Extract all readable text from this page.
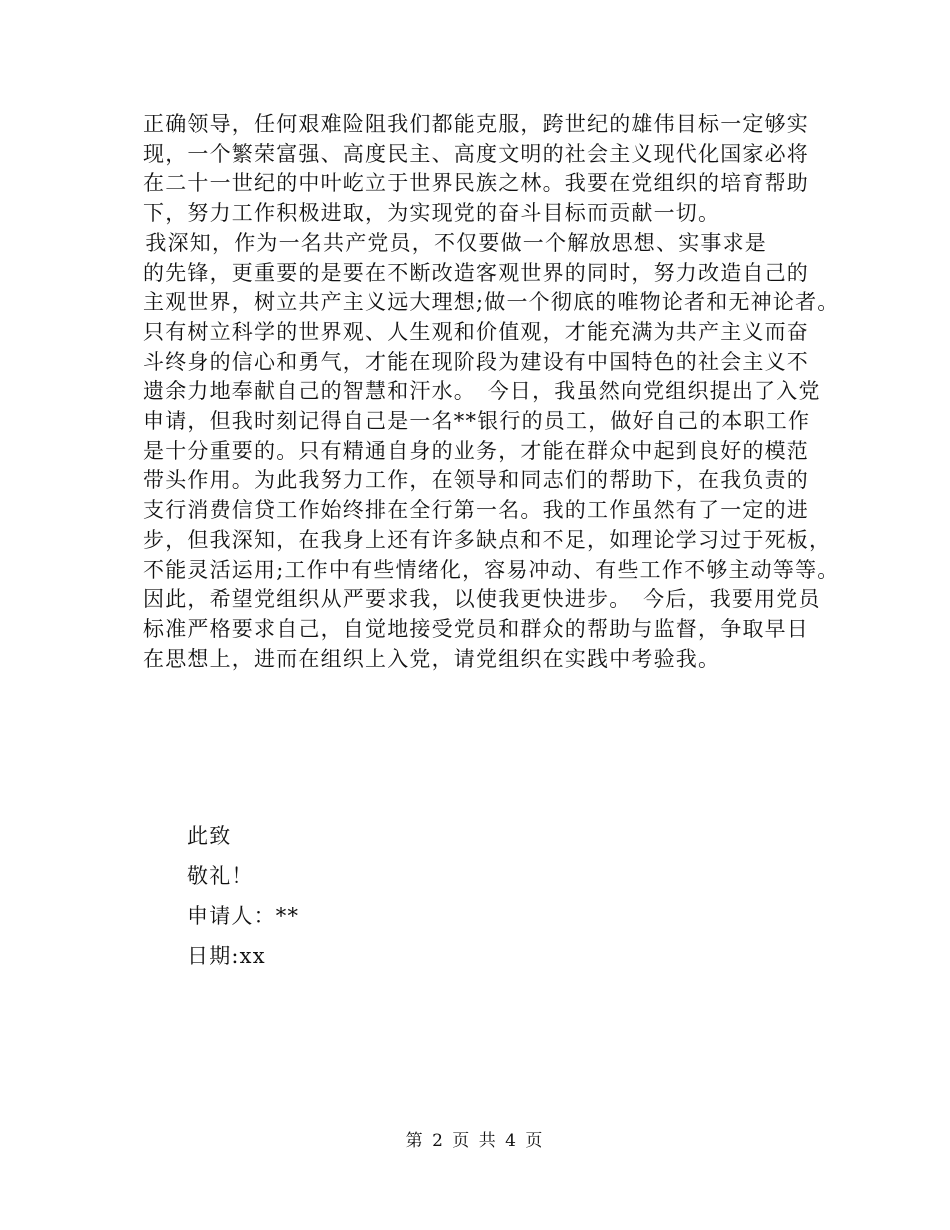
正确领导，任何艰难险阻我们都能克服，跨世纪的雄伟目标一定够实
现，一个繁荣富强、高度民主、高度文明的社会主义现代化国家必将
在二十一世纪的中叶屹立于世界民族之林。我要在党组织的培育帮助
下，努力工作积极进取，为实现党的奋斗目标而贡献一切。
　　我深知，作为一名共产党员，不仅要做一个解放思想、实事求是
的先锋，更重要的是要在不断改造客观世界的同时，努力改造自己的
主观世界，树立共产主义远大理想;做一个彻底的唯物论者和无神论者。
只有树立科学的世界观、人生观和价值观，才能充满为共产主义而奋
斗终身的信心和勇气，才能在现阶段为建设有中国特色的社会主义不
遗余力地奉献自己的智慧和汗水。　今日，我虽然向党组织提出了入党
申请，但我时刻记得自己是一名**银行的员工，做好自己的本职工作
是十分重要的。只有精通自身的业务，才能在群众中起到良好的模范
带头作用。为此我努力工作，在领导和同志们的帮助下，在我负责的
支行消费信贷工作始终排在全行第一名。我的工作虽然有了一定的进
步，但我深知，在我身上还有许多缺点和不足，如理论学习过于死板，
不能灵活运用;工作中有些情绪化，容易冲动、有些工作不够主动等等。
因此，希望党组织从严要求我，以使我更快进步。　今后，我要用党员
标准严格要求自己，自觉地接受党员和群众的帮助与监督，争取早日
在思想上，进而在组织上入党，请党组织在实践中考验我。
此致
敬礼！
申请人：**
日期:xx
第 2 页 共 4 页
